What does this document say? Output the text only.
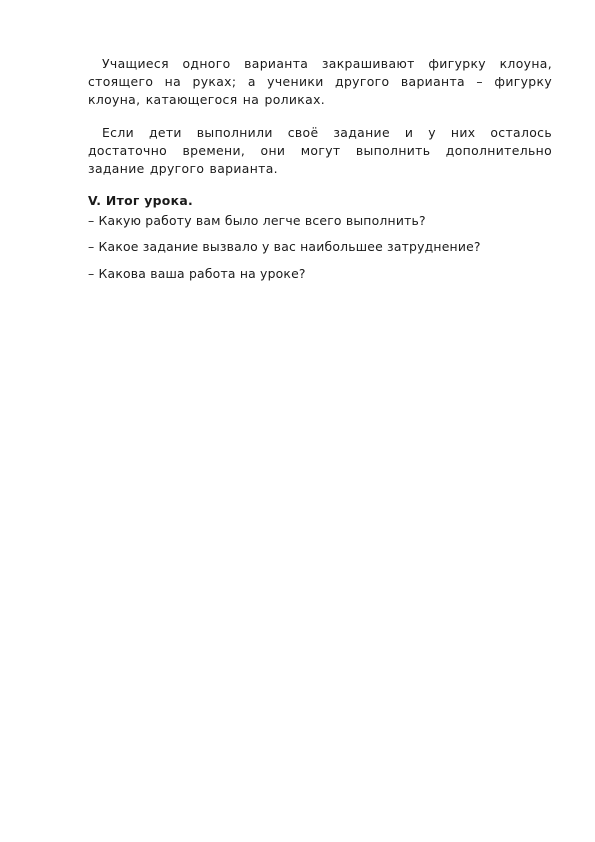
Учащиеся одного варианта закрашивают фигурку клоуна, стоящего на руках; а ученики другого варианта – фигурку клоуна, катающегося на роликах.

Если дети выполнили своё задание и у них осталось достаточно времени, они могут выполнить дополнительно задание другого варианта.

V. Итог урока.

– Какую работу вам было легче всего выполнить?

– Какое задание вызвало у вас наибольшее затруднение?

– Какова ваша работа на уроке?
